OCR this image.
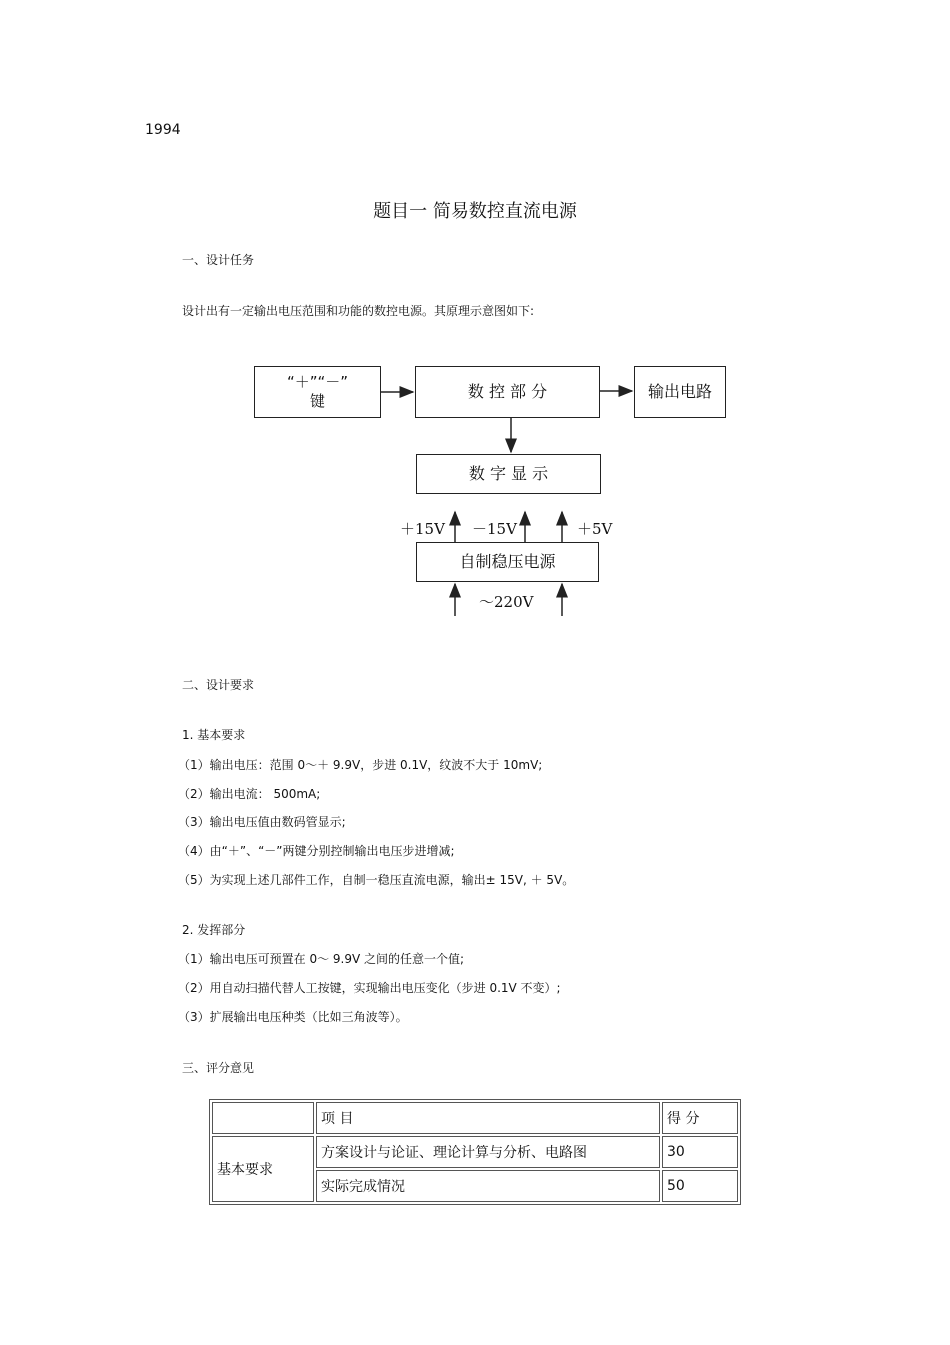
1994
题目一 简易数控直流电源
一、设计任务
设计出有一定输出电压范围和功能的数控电源。其原理示意图如下:
“＋”“－”
键	数 控 部 分	输出电路
数 字 显 示
自制稳压电源
＋15V －15V	＋5V
～220V
二、设计要求
1. 基本要求
（1）输出电压：范围 0～＋ 9.9V，步进 0.1V，纹波不大于 10mV;
（2）输出电流： 500mA;
（3）输出电压值由数码管显示;
（4）由“＋”、“－”两键分别控制输出电压步进增减;
（5）为实现上述几部件工作，自制一稳压直流电源，输出± 15V, ＋ 5V。
2. 发挥部分
（1）输出电压可预置在 0～ 9.9V 之间的任意一个值;
（2）用自动扫描代替人工按键，实现输出电压变化（步进 0.1V 不变）;
（3）扩展输出电压种类（比如三角波等）。
三、评分意见
	项 目	得 分
基本要求	方案设计与论证、理论计算与分析、电路图	30
	实际完成情况	50
